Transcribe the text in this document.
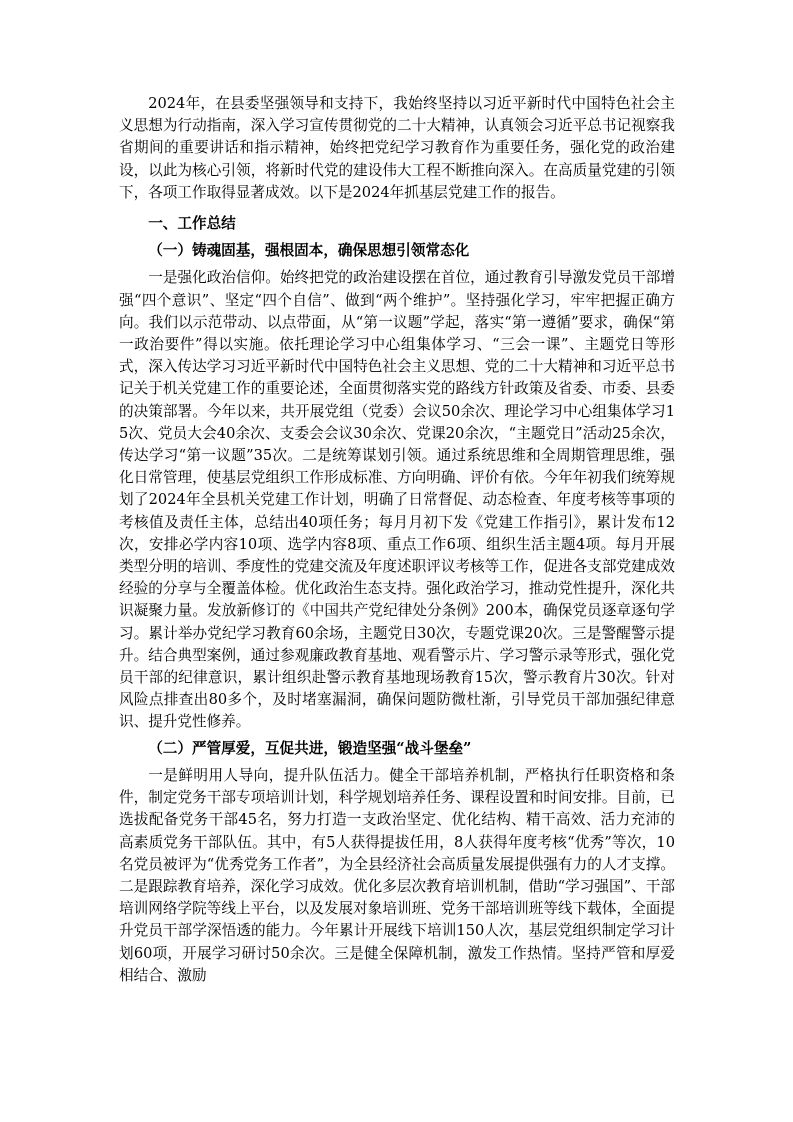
2024年，在县委坚强领导和支持下，我始终坚持以习近平新时代中国特色社会主义思想为行动指南，深入学习宣传贯彻党的二十大精神，认真领会习近平总书记视察我省期间的重要讲话和指示精神，始终把党纪学习教育作为重要任务，强化党的政治建设，以此为核心引领，将新时代党的建设伟大工程不断推向深入。在高质量党建的引领下，各项工作取得显著成效。以下是2024年抓基层党建工作的报告。

一、工作总结

（一）铸魂固基，强根固本，确保思想引领常态化

一是强化政治信仰。始终把党的政治建设摆在首位，通过教育引导激发党员干部增强“四个意识”、坚定“四个自信”、做到“两个维护”。坚持强化学习，牢牢把握正确方向。我们以示范带动、以点带面，从“第一议题”学起，落实“第一遵循”要求，确保“第一政治要件”得以实施。依托理论学习中心组集体学习、“三会一课”、主题党日等形式，深入传达学习习近平新时代中国特色社会主义思想、党的二十大精神和习近平总书记关于机关党建工作的重要论述，全面贯彻落实党的路线方针政策及省委、市委、县委的决策部署。今年以来，共开展党组（党委）会议50余次、理论学习中心组集体学习15次、党员大会40余次、支委会会议30余次、党课20余次，“主题党日”活动25余次，传达学习“第一议题”35次。二是统筹谋划引领。通过系统思维和全周期管理思维，强化日常管理，使基层党组织工作形成标准、方向明确、评价有依。今年年初我们统筹规划了2024年全县机关党建工作计划，明确了日常督促、动态检查、年度考核等事项的考核值及责任主体，总结出40项任务；每月月初下发《党建工作指引》，累计发布12次，安排必学内容10项、选学内容8项、重点工作6项、组织生活主题4项。每月开展类型分明的培训、季度性的党建交流及年度述职评议考核等工作，促进各支部党建成效经验的分享与全覆盖体检。优化政治生态支持。强化政治学习，推动党性提升，深化共识凝聚力量。发放新修订的《中国共产党纪律处分条例》200本，确保党员逐章逐句学习。累计举办党纪学习教育60余场，主题党日30次，专题党课20次。三是警醒警示提升。结合典型案例，通过参观廉政教育基地、观看警示片、学习警示录等形式，强化党员干部的纪律意识，累计组织赴警示教育基地现场教育15次，警示教育片30次。针对风险点排查出80多个，及时堵塞漏洞，确保问题防微杜渐，引导党员干部加强纪律意识、提升党性修养。

（二）严管厚爱，互促共进，锻造坚强“战斗堡垒”

一是鲜明用人导向，提升队伍活力。健全干部培养机制，严格执行任职资格和条件，制定党务干部专项培训计划，科学规划培养任务、课程设置和时间安排。目前，已选拔配备党务干部45名，努力打造一支政治坚定、优化结构、精干高效、活力充沛的高素质党务干部队伍。其中，有5人获得提拔任用，8人获得年度考核“优秀”等次，10名党员被评为“优秀党务工作者”，为全县经济社会高质量发展提供强有力的人才支撑。二是跟踪教育培养，深化学习成效。优化多层次教育培训机制，借助“学习强国”、干部培训网络学院等线上平台，以及发展对象培训班、党务干部培训班等线下载体，全面提升党员干部学深悟透的能力。今年累计开展线下培训150人次，基层党组织制定学习计划60项，开展学习研讨50余次。三是健全保障机制，激发工作热情。坚持严管和厚爱相结合、激励
